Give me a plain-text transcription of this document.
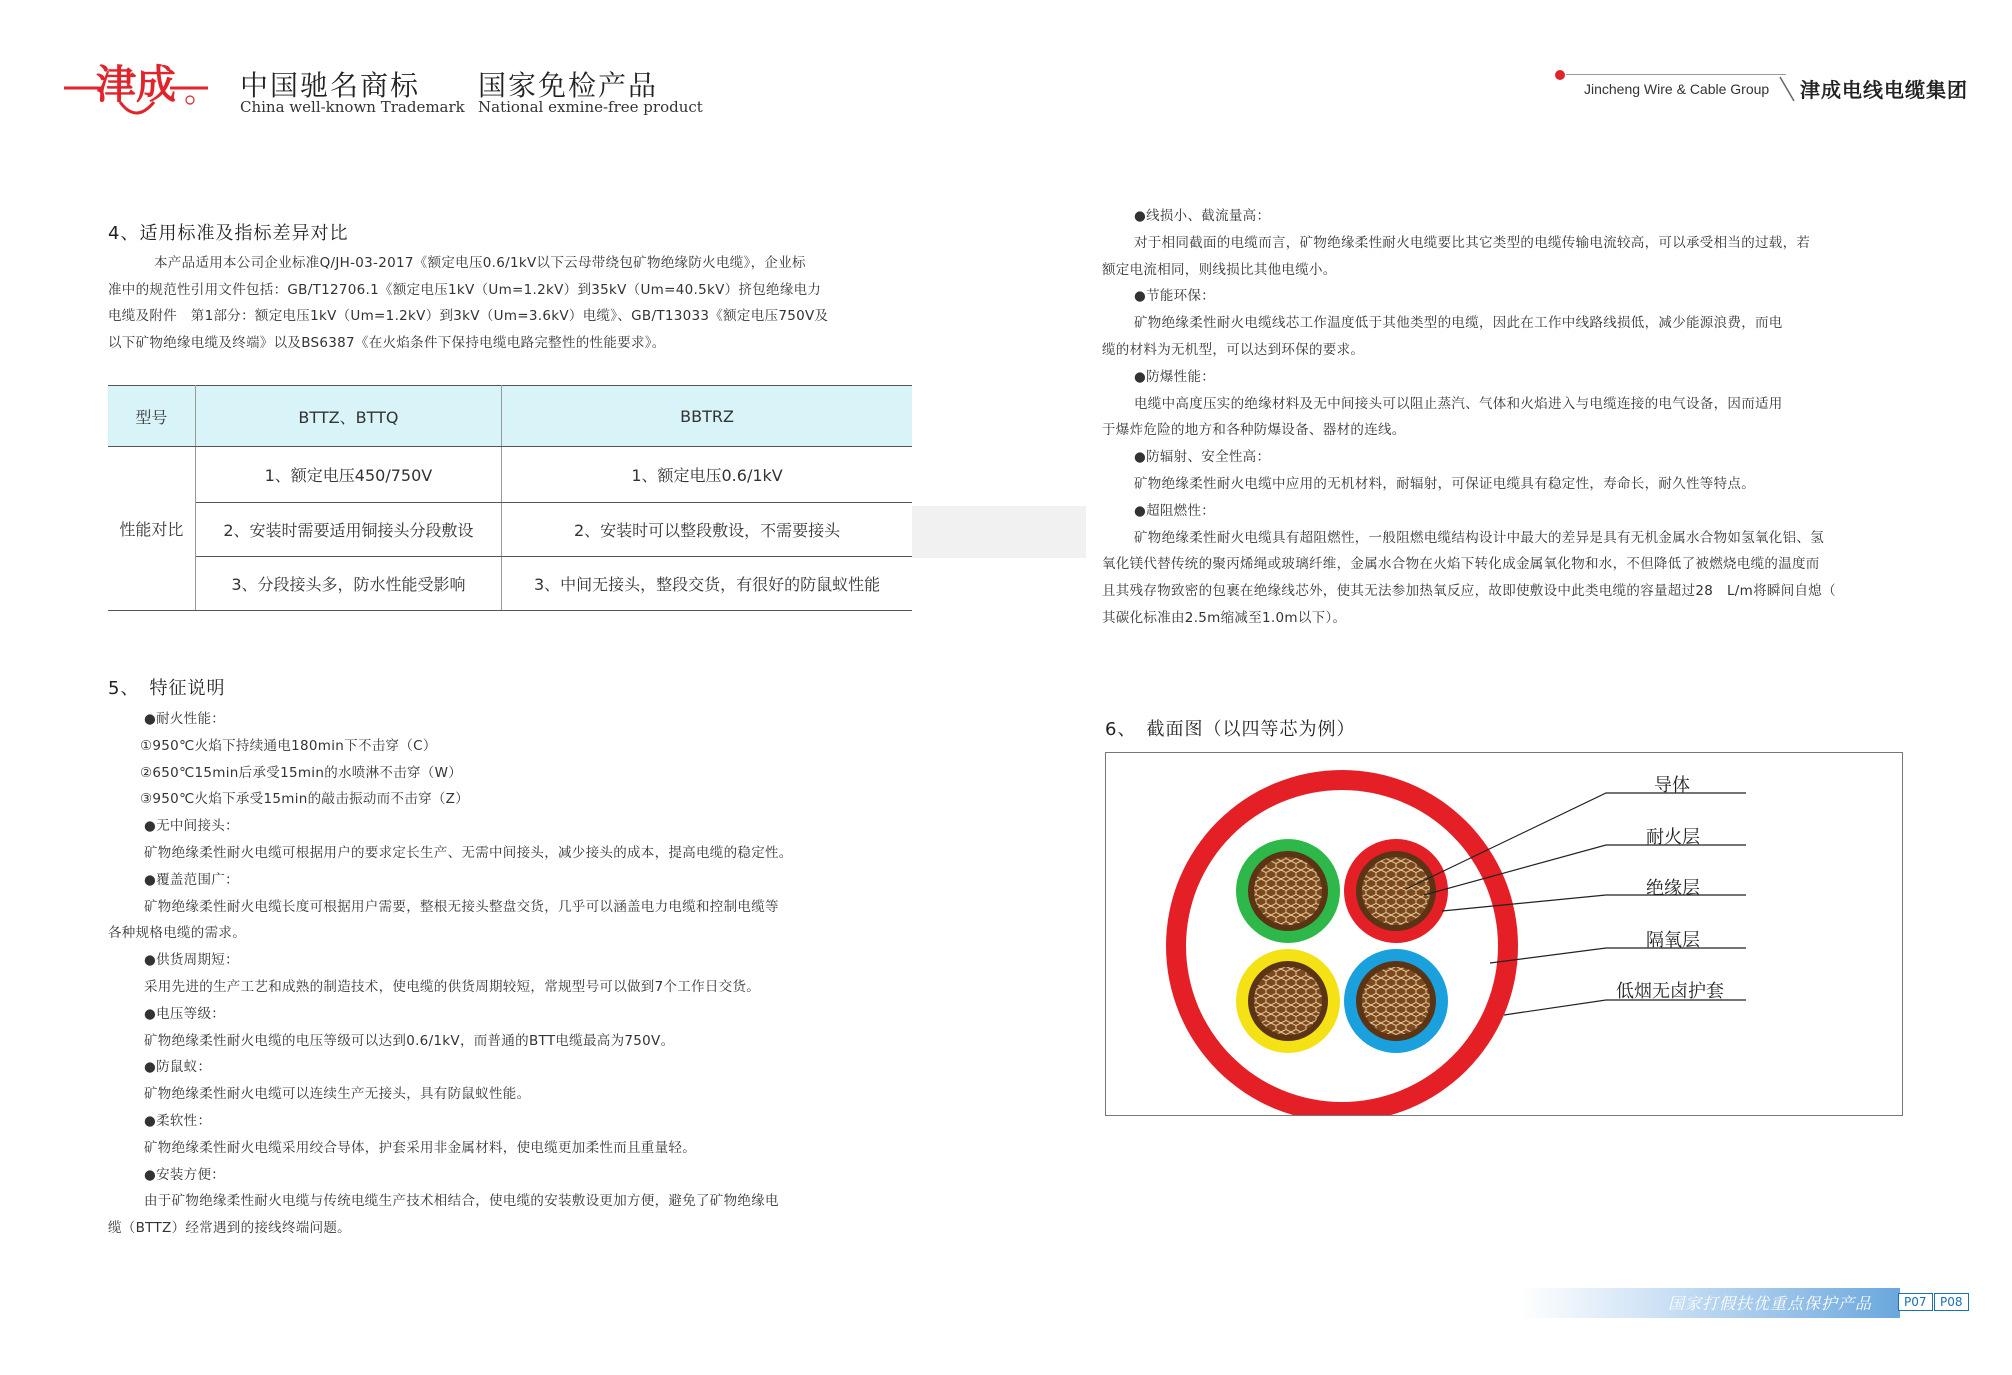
津成 中国驰名商标
China well-known Trademark
国家免检产品
National exmine-free product
Jincheng Wire & Cable Group 津成电线电缆集团
4、适用标准及指标差异对比

本产品适用本公司企业标准Q/JH-03-2017《额定电压0.6/1kV以下云母带绕包矿物绝缘防火电缆》，企业标

准中的规范性引用文件包括：GB/T12706.1《额定电压1kV（Um=1.2kV）到35kV（Um=40.5kV）挤包绝缘电力

电缆及附件　第1部分：额定电压1kV（Um=1.2kV）到3kV（Um=3.6kV）电缆》、GB/T13033《额定电压750V及

以下矿物绝缘电缆及终端》以及BS6387《在火焰条件下保持电缆电路完整性的性能要求》。

型号	BTTZ、BTTQ	BBTRZ
性能对比	1、额定电压450/750V	1、额定电压0.6/1kV
	2、安装时需要适用铜接头分段敷设	2、安装时可以整段敷设，不需要接头
	3、分段接头多，防水性能受影响	3、中间无接头，整段交货，有很好的防鼠蚁性能
5、　特征说明
●耐火性能：
①950℃火焰下持续通电180min下不击穿（C）
②650℃15min后承受15min的水喷淋不击穿（W）
③950℃火焰下承受15min的敲击振动而不击穿（Z）
●无中间接头：
矿物绝缘柔性耐火电缆可根据用户的要求定长生产、无需中间接头，减少接头的成本，提高电缆的稳定性。
●覆盖范围广：
矿物绝缘柔性耐火电缆长度可根据用户需要，整根无接头整盘交货，几乎可以涵盖电力电缆和控制电缆等
各种规格电缆的需求。
●供货周期短：
采用先进的生产工艺和成熟的制造技术，使电缆的供货周期较短，常规型号可以做到7个工作日交货。
●电压等级：
矿物绝缘柔性耐火电缆的电压等级可以达到0.6/1kV，而普通的BTT电缆最高为750V。
●防鼠蚁：
矿物绝缘柔性耐火电缆可以连续生产无接头，具有防鼠蚁性能。
●柔软性：
矿物绝缘柔性耐火电缆采用绞合导体，护套采用非金属材料，使电缆更加柔性而且重量轻。
●安装方便：
由于矿物绝缘柔性耐火电缆与传统电缆生产技术相结合，使电缆的安装敷设更加方便，避免了矿物绝缘电
缆（BTTZ）经常遇到的接线终端问题。
●线损小、截流量高：
对于相同截面的电缆而言，矿物绝缘柔性耐火电缆要比其它类型的电缆传输电流较高，可以承受相当的过载，若
额定电流相同，则线损比其他电缆小。
●节能环保：
矿物绝缘柔性耐火电缆线芯工作温度低于其他类型的电缆，因此在工作中线路线损低，减少能源浪费，而电
缆的材料为无机型，可以达到环保的要求。
●防爆性能：
电缆中高度压实的绝缘材料及无中间接头可以阻止蒸汽、气体和火焰进入与电缆连接的电气设备，因而适用
于爆炸危险的地方和各种防爆设备、器材的连线。
●防辐射、安全性高：
矿物绝缘柔性耐火电缆中应用的无机材料，耐辐射，可保证电缆具有稳定性，寿命长，耐久性等特点。
●超阻燃性：
矿物绝缘柔性耐火电缆具有超阻燃性，一般阻燃电缆结构设计中最大的差异是具有无机金属水合物如氢氧化铝、氢
氧化镁代替传统的聚丙烯绳或玻璃纤维，金属水合物在火焰下转化成金属氧化物和水，不但降低了被燃烧电缆的温度而
且其残存物致密的包裹在绝缘线芯外，使其无法参加热氧反应，故即使敷设中此类电缆的容量超过28　L/m将瞬间自熄（
其碳化标准由2.5m缩减至1.0m以下）。
6、　截面图（以四等芯为例）
导体
耐火层
绝缘层
隔氧层
低烟无卤护套
国家打假扶优重点保护产品	P07	P08
